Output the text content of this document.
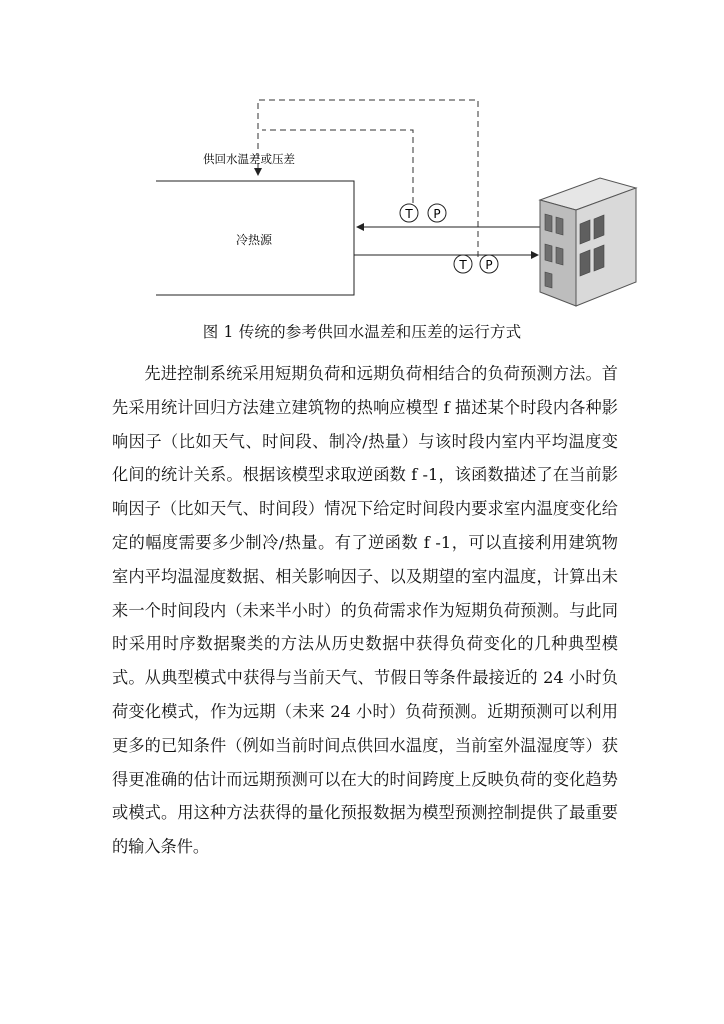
冷热源
供回水温差或压差
T P
T P
图 1 传统的参考供回水温差和压差的运行方式

先进控制系统采用短期负荷和远期负荷相结合的负荷预测方法。首先采用统计回归方法建立建筑物的热响应模型 f 描述某个时段内各种影响因子（比如天气、时间段、制冷/热量）与该时段内室内平均温度变化间的统计关系。根据该模型求取逆函数 f -1，该函数描述了在当前影响因子（比如天气、时间段）情况下给定时间段内要求室内温度变化给定的幅度需要多少制冷/热量。有了逆函数 f -1，可以直接利用建筑物室内平均温湿度数据、相关影响因子、以及期望的室内温度，计算出未来一个时间段内（未来半小时）的负荷需求作为短期负荷预测。与此同时采用时序数据聚类的方法从历史数据中获得负荷变化的几种典型模式。从典型模式中获得与当前天气、节假日等条件最接近的 24 小时负荷变化模式，作为远期（未来 24 小时）负荷预测。近期预测可以利用更多的已知条件（例如当前时间点供回水温度，当前室外温湿度等）获得更准确的估计而远期预测可以在大的时间跨度上反映负荷的变化趋势或模式。用这种方法获得的量化预报数据为模型预测控制提供了最重要的输入条件。
